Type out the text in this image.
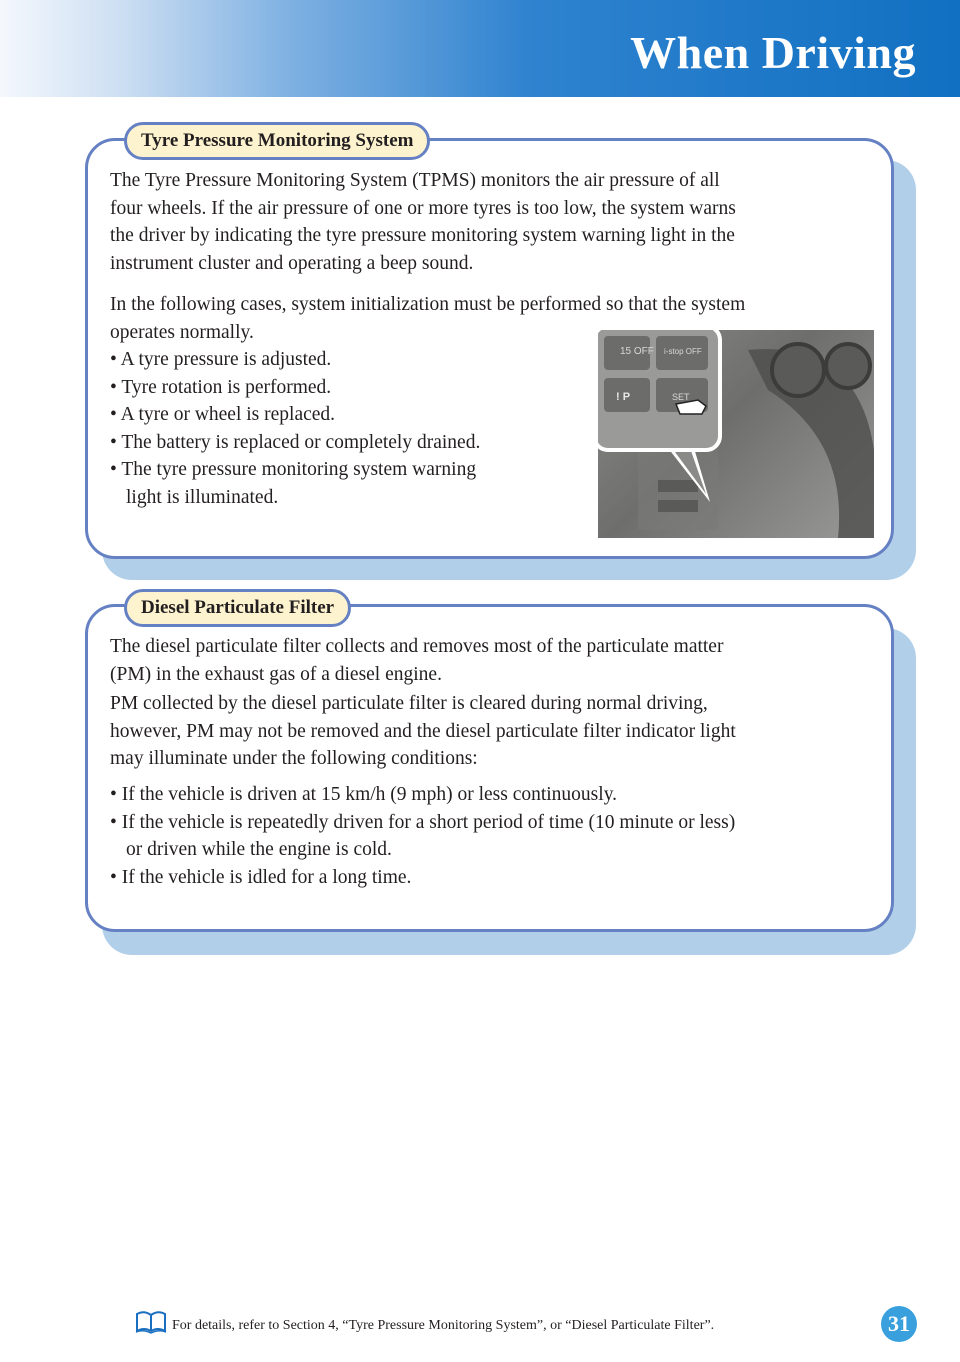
When Driving
Tyre Pressure Monitoring System

The Tyre Pressure Monitoring System (TPMS) monitors the air pressure of all

four wheels. If the air pressure of one or more tyres is too low, the system warns

the driver by indicating the tyre pressure monitoring system warning light in the

instrument cluster and operating a beep sound.

In the following cases, system initialization must be performed so that the system

operates normally.

• A tyre pressure is adjusted.

• Tyre rotation is performed.

• A tyre or wheel is replaced.

• The battery is replaced or completely drained.

• The tyre pressure monitoring system warning

light is illuminated.

15 OFF i-stop OFF
! P	SET
Diesel Particulate Filter

The diesel particulate filter collects and removes most of the particulate matter

(PM) in the exhaust gas of a diesel engine.

PM collected by the diesel particulate filter is cleared during normal driving,

however, PM may not be removed and the diesel particulate filter indicator light

may illuminate under the following conditions:

• If the vehicle is driven at 15 km/h (9 mph) or less continuously.

• If the vehicle is repeatedly driven for a short period of time (10 minute or less)

or driven while the engine is cold.

• If the vehicle is idled for a long time.

For details, refer to Section 4, “Tyre Pressure Monitoring System”, or “Diesel Particulate Filter”.	31
